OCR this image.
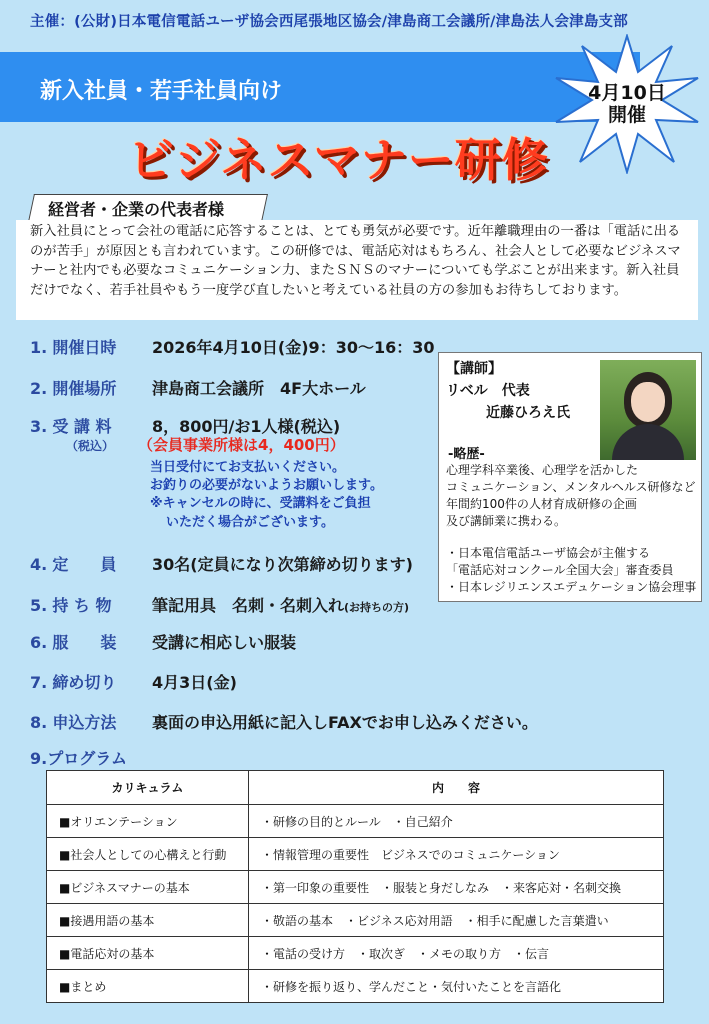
主催：(公財)日本電信電話ユーザ協会西尾張地区協会/津島商工会議所/津島法人会津島支部
新入社員・若手社員向け	4月10日
開催
ビジネスマナー研修
経営者・企業の代表者様
新入社員にとって会社の電話に応答することは、とても勇気が必要です。近年離職理由の一番は「電話に出るのが苦手」が原因とも言われています。この研修では、電話応対はもちろん、社会人として必要なビジネスマナーと社内でも必要なコミュニケーション力、またＳＮＳのマナーについても学ぶことが出来ます。新入社員だけでなく、若手社員やもう一度学び直したいと考えている社員の方の参加もお待ちしております。
1. 開催日時 2026年4月10日(金)9：30～16：30
2. 開催場所 津島商工会議所　4F大ホール
3. 受 講 料
（税込）
8，800円/お1人様(税込)
（会員事業所様は4，400円）
当日受付にてお支払いください。
お釣りの必要がないようお願いします。
※キャンセルの時に、受講料をご負担
いただく場合がございます。
4. 定　　員 30名(定員になり次第締め切ります)
5. 持 ち 物	筆記用具　名刺・名刺入れ(お持ちの方)
6. 服　　装 受講に相応しい服装
7. 締め切り 4月3日(金)
8. 申込方法 裏面の申込用紙に記入しFAXでお申し込みください。
【講師】
リベル　代表
近藤ひろえ氏
-略歴-
心理学科卒業後、心理学を活かした
コミュニケーション、メンタルヘルス研修など
年間約100件の人材育成研修の企画
及び講師業に携わる。
・日本電信電話ユーザ協会が主催する
「電話応対コンクール全国大会」審査委員
・日本レジリエンスエデュケーション協会理事
9.プログラム
カリキュラム	内　　容
■オリエンテーション	・研修の目的とルール　・自己紹介
■社会人としての心構えと行動	・情報管理の重要性　ビジネスでのコミュニケーション
■ビジネスマナーの基本	・第一印象の重要性　・服装と身だしなみ　・来客応対・名刺交換
■接遇用語の基本	・敬語の基本　・ビジネス応対用語　・相手に配慮した言葉遣い
■電話応対の基本	・電話の受け方　・取次ぎ　・メモの取り方　・伝言
■まとめ	・研修を振り返り、学んだこと・気付いたことを言語化
